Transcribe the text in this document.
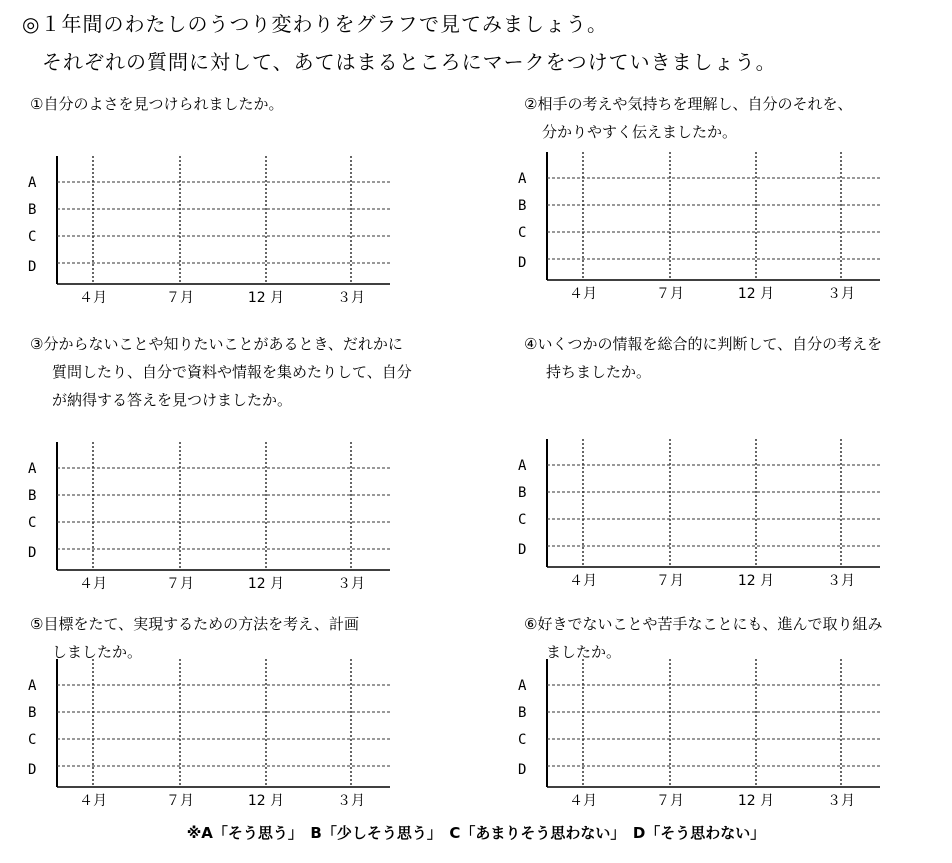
◎１年間のわたしのうつり変わりをグラフで見てみましょう。
それぞれの質問に対して、あてはまるところにマークをつけていきましょう。
①自分のよさを見つけられましたか。	②相手の考えや気持ちを理解し、自分のそれを、
分かりやすく伝えましたか。
③分からないことや知りたいことがあるとき、だれかに
質問したり、自分で資料や情報を集めたりして、自分
が納得する答えを見つけましたか。
④いくつかの情報を総合的に判断して、自分の考えを
持ちましたか。
⑤目標をたて、実現するための方法を考え、計画
しましたか。
⑥好きでないことや苦手なことにも、進んで取り組み
ましたか。
A
B
C
D
４月	７月	12 月	３月
A
B
C
D
４月	７月	12 月	３月
A
B
C
D
４月	７月	12 月	３月
A
B
C
D
４月	７月	12 月	３月
A
B
C
D
４月	７月	12 月	３月
A
B
C
D
４月	７月	12 月	３月
※A「そう思う」　B「少しそう思う」　C「あまりそう思わない」　D「そう思わない」
